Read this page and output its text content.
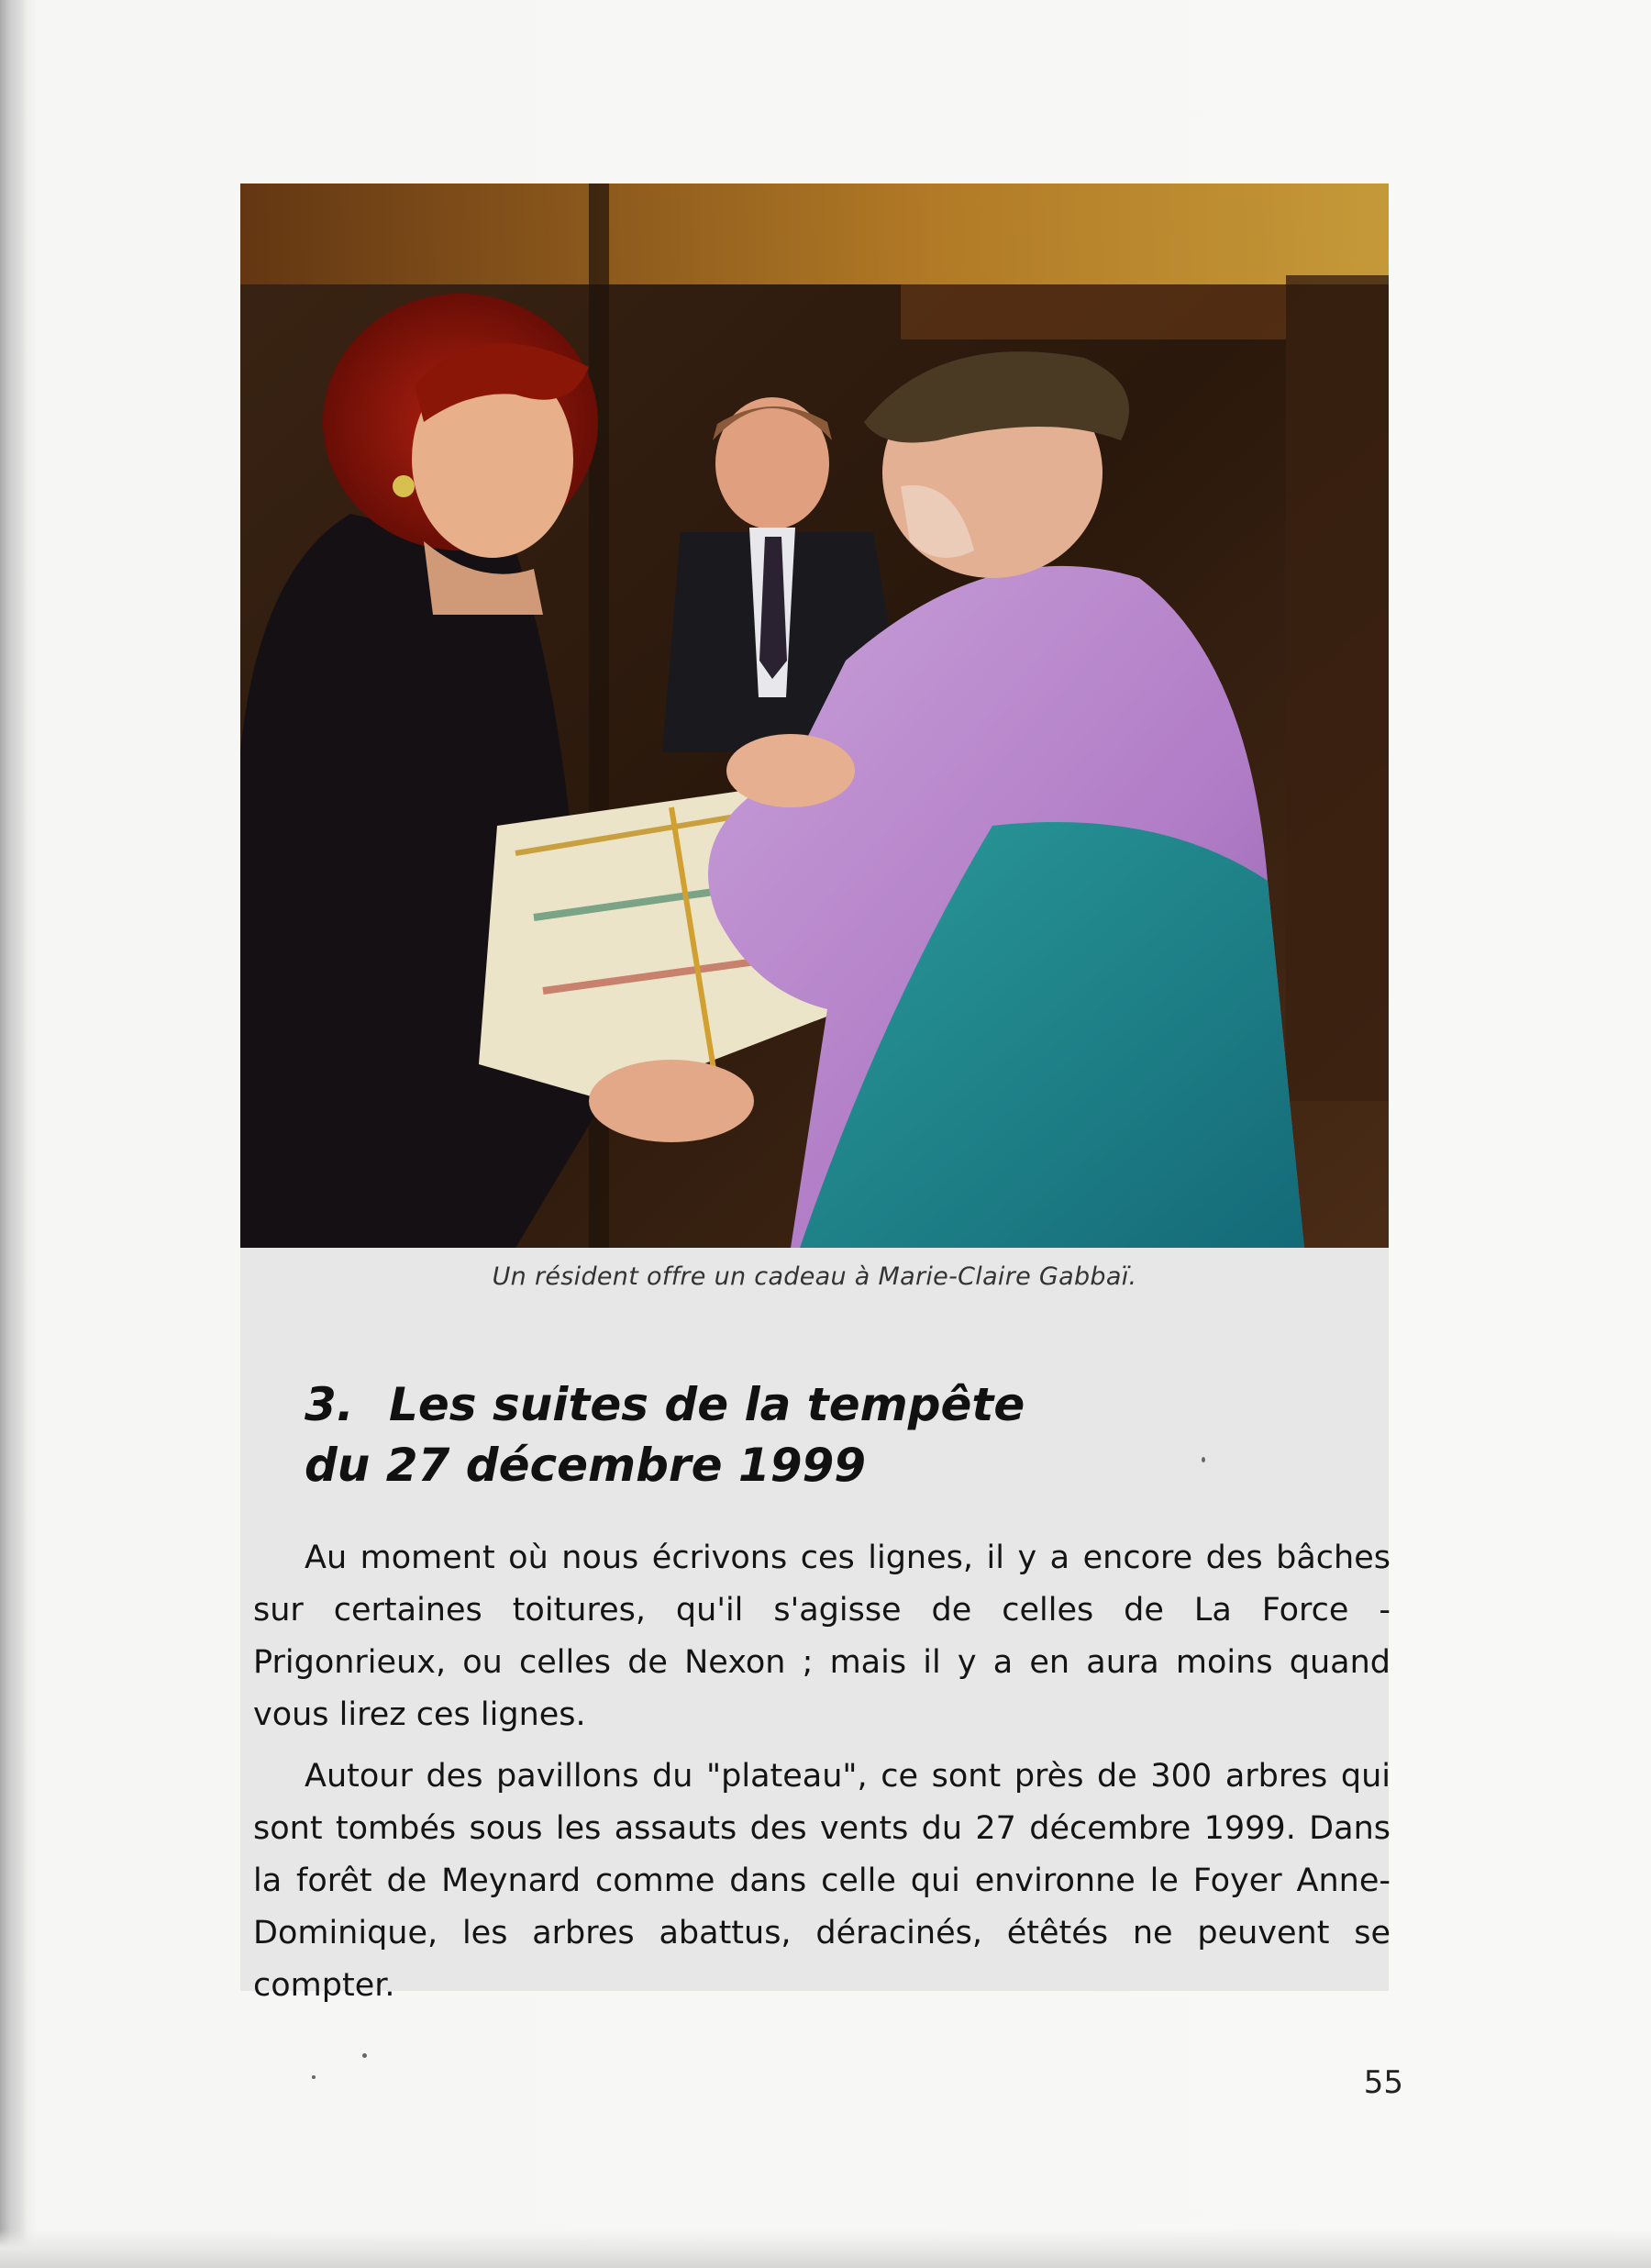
Un résident offre un cadeau à Marie-Claire Gabbaï.
3. Les suites de la tempête
du 27 décembre 1999

Au moment où nous écrivons ces lignes, il y a encore des bâches sur certaines toitures, qu'il s'agisse de celles de La Force - Prigonrieux, ou celles de Nexon ; mais il y a en aura moins quand vous lirez ces lignes.

Autour des pavillons du "plateau", ce sont près de 300 arbres qui sont tombés sous les assauts des vents du 27 décembre 1999. Dans la forêt de Meynard comme dans celle qui environne le Foyer Anne-Dominique, les arbres abattus, déracinés, étêtés ne peuvent se compter.

55
